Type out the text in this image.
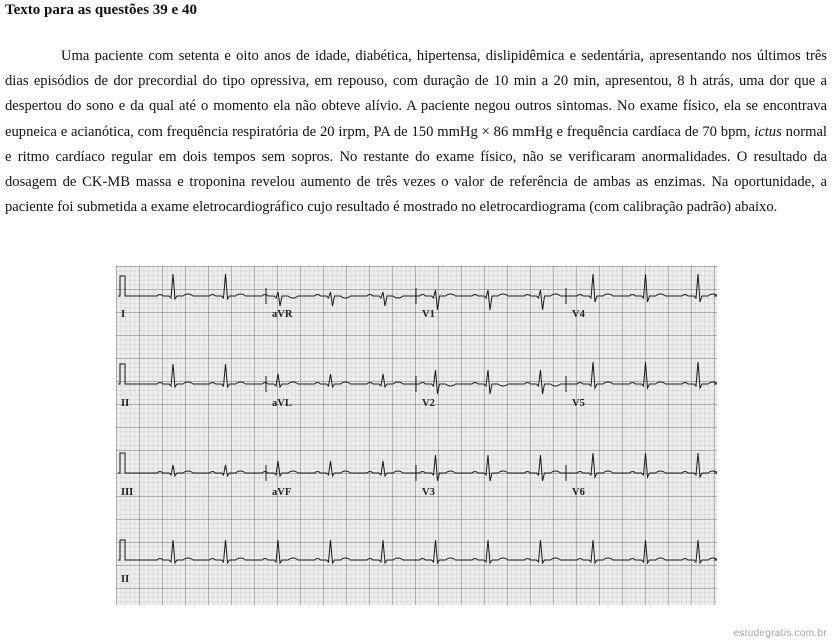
Texto para as questões 39 e 40
Uma paciente com setenta e oito anos de idade, diabética, hipertensa, dislipidêmica e sedentária, apresentando nos últimos três dias episódios de dor precordial do tipo opressiva, em repouso, com duração de 10 min a 20 min, apresentou, 8 h atrás, uma dor que a despertou do sono e da qual até o momento ela não obteve alívio. A paciente negou outros sintomas. No exame físico, ela se encontrava eupneica e acianótica, com frequência respiratória de 20 irpm, PA de 150 mmHg × 86 mmHg e frequência cardíaca de 70 bpm, ictus normal e ritmo cardíaco regular em dois tempos sem sopros. No restante do exame físico, não se verificaram anormalidades. O resultado da dosagem de CK-MB massa e troponina revelou aumento de três vezes o valor de referência de ambas as enzimas. Na oportunidade, a paciente foi submetida a exame eletrocardiográfico cujo resultado é mostrado no eletrocardiograma (com calibração padrão) abaixo.
I	aVR	V1	V4
II	aVL	V2	V5
III	aVF	V3	V6
II
estudegratis.com.br
